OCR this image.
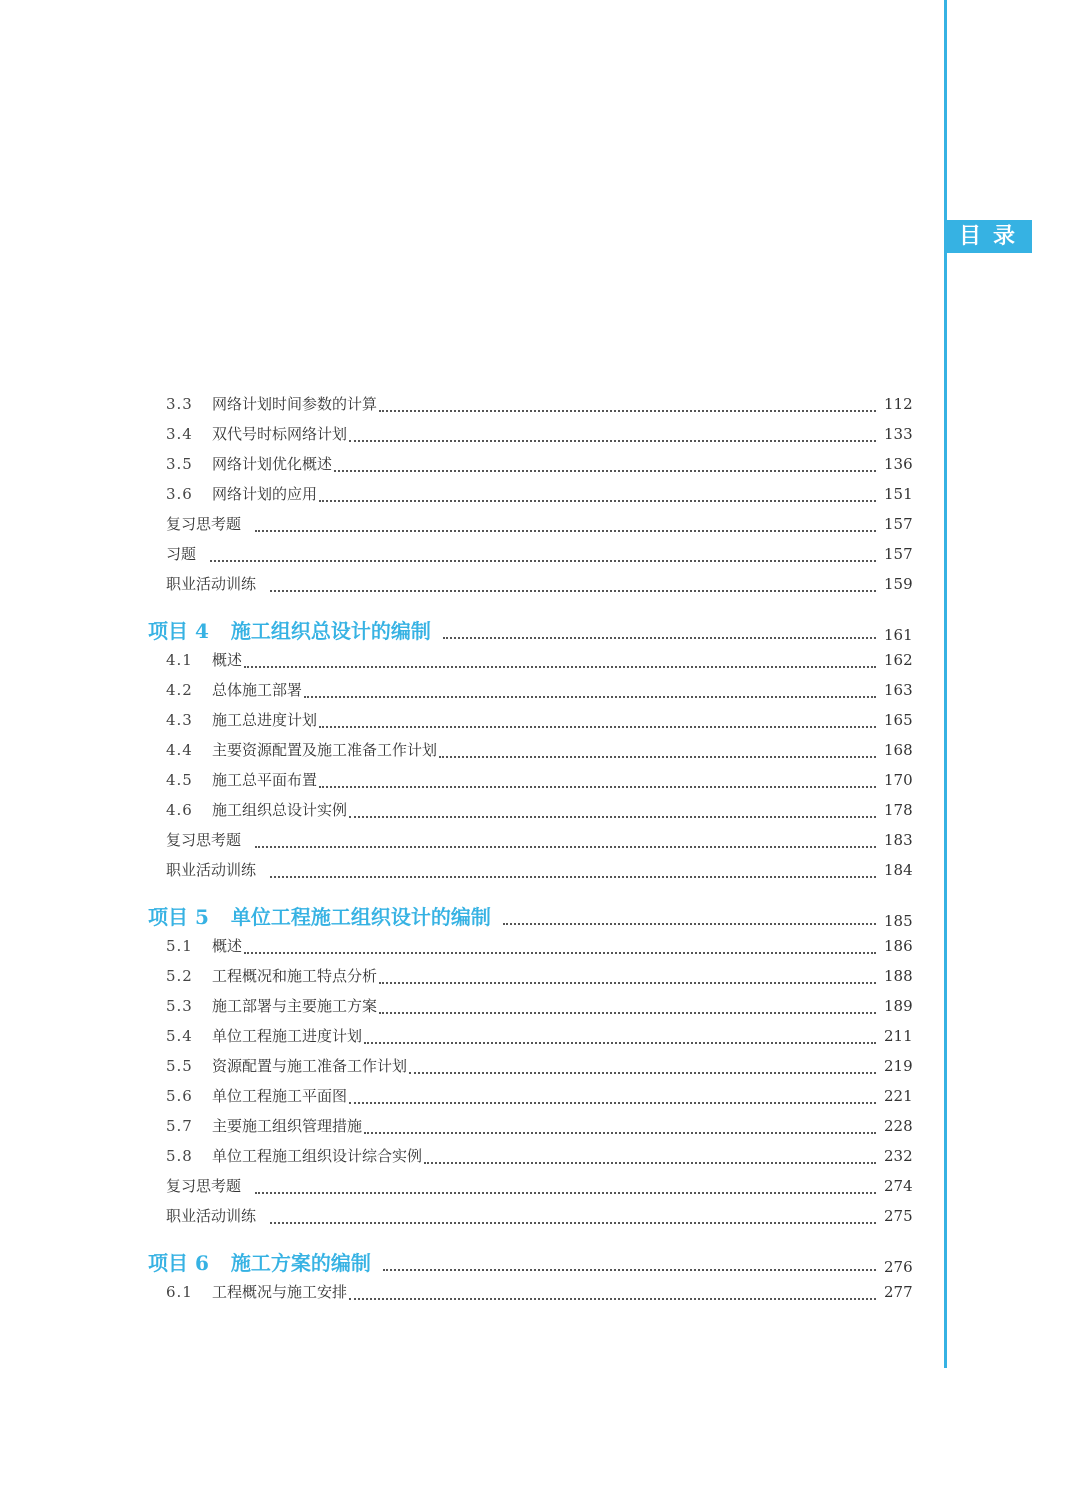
目录
3.3	网络计划时间参数的计算	112
3.4	双代号时标网络计划	133
3.5	网络计划优化概述	136
3.6	网络计划的应用	151
复习思考题	157
习题	157
职业活动训练	159
项目 4 施工组织总设计的编制	161
4.1	概述	162
4.2	总体施工部署	163
4.3	施工总进度计划	165
4.4	主要资源配置及施工准备工作计划	168
4.5	施工总平面布置	170
4.6	施工组织总设计实例	178
复习思考题	183
职业活动训练	184
项目 5 单位工程施工组织设计的编制	185
5.1	概述	186
5.2	工程概况和施工特点分析	188
5.3	施工部署与主要施工方案	189
5.4	单位工程施工进度计划	211
5.5	资源配置与施工准备工作计划	219
5.6	单位工程施工平面图	221
5.7	主要施工组织管理措施	228
5.8	单位工程施工组织设计综合实例	232
复习思考题	274
职业活动训练	275
项目 6 施工方案的编制	276
6.1	工程概况与施工安排	277
